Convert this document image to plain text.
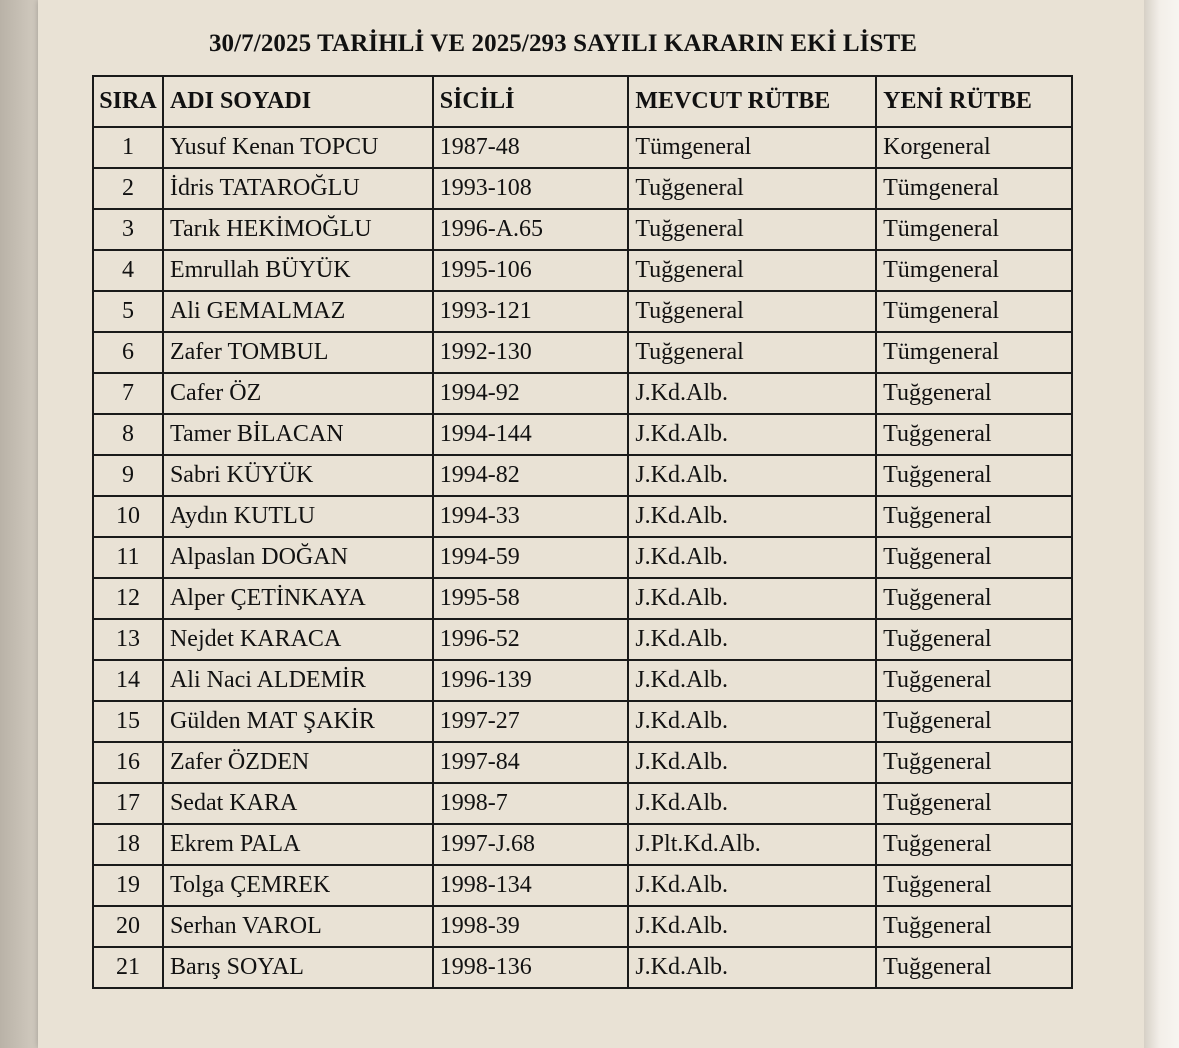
30/7/2025 TARİHLİ VE 2025/293 SAYILI KARARIN EKİ LİSTE
SIRA	ADI SOYADI	SİCİLİ	MEVCUT RÜTBE	YENİ RÜTBE
1	Yusuf Kenan TOPCU	1987-48	Tümgeneral	Korgeneral
2	İdris TATAROĞLU	1993-108	Tuğgeneral	Tümgeneral
3	Tarık HEKİMOĞLU	1996-A.65	Tuğgeneral	Tümgeneral
4	Emrullah BÜYÜK	1995-106	Tuğgeneral	Tümgeneral
5	Ali GEMALMAZ	1993-121	Tuğgeneral	Tümgeneral
6	Zafer TOMBUL	1992-130	Tuğgeneral	Tümgeneral
7	Cafer ÖZ	1994-92	J.Kd.Alb.	Tuğgeneral
8	Tamer BİLACAN	1994-144	J.Kd.Alb.	Tuğgeneral
9	Sabri KÜYÜK	1994-82	J.Kd.Alb.	Tuğgeneral
10	Aydın KUTLU	1994-33	J.Kd.Alb.	Tuğgeneral
11	Alpaslan DOĞAN	1994-59	J.Kd.Alb.	Tuğgeneral
12	Alper ÇETİNKAYA	1995-58	J.Kd.Alb.	Tuğgeneral
13	Nejdet KARACA	1996-52	J.Kd.Alb.	Tuğgeneral
14	Ali Naci ALDEMİR	1996-139	J.Kd.Alb.	Tuğgeneral
15	Gülden MAT ŞAKİR	1997-27	J.Kd.Alb.	Tuğgeneral
16	Zafer ÖZDEN	1997-84	J.Kd.Alb.	Tuğgeneral
17	Sedat KARA	1998-7	J.Kd.Alb.	Tuğgeneral
18	Ekrem PALA	1997-J.68	J.Plt.Kd.Alb.	Tuğgeneral
19	Tolga ÇEMREK	1998-134	J.Kd.Alb.	Tuğgeneral
20	Serhan VAROL	1998-39	J.Kd.Alb.	Tuğgeneral
21	Barış SOYAL	1998-136	J.Kd.Alb.	Tuğgeneral
